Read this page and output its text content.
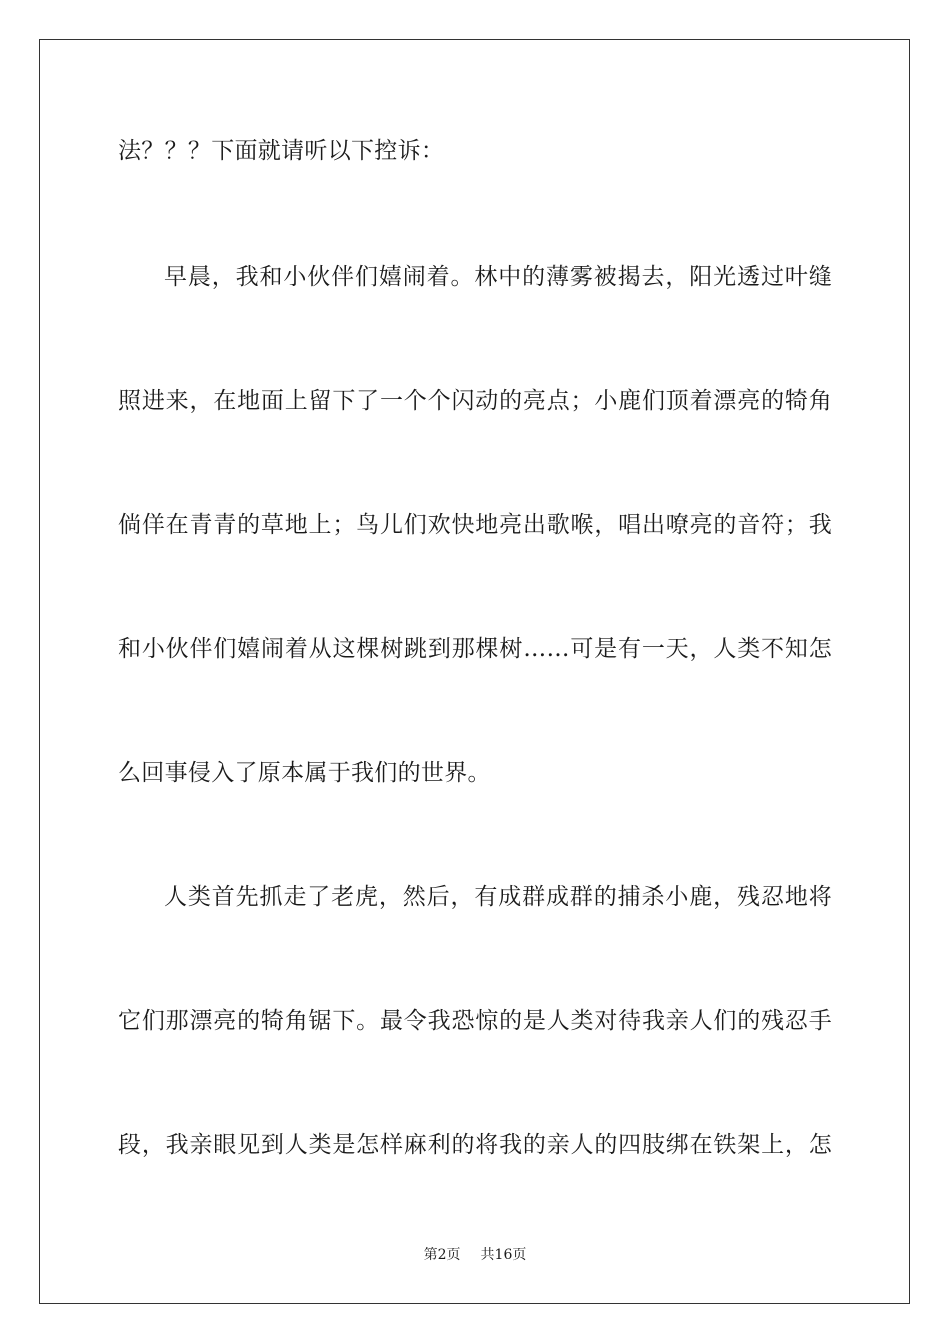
法？？？下面就请听以下控诉：
早晨，我和小伙伴们嬉闹着。林中的薄雾被揭去，阳光透过叶缝
照进来，在地面上留下了一个个闪动的亮点；小鹿们顶着漂亮的犄角
倘佯在青青的草地上；鸟儿们欢快地亮出歌喉，唱出嘹亮的音符；我
和小伙伴们嬉闹着从这棵树跳到那棵树……可是有一天，人类不知怎
么回事侵入了原本属于我们的世界。
人类首先抓走了老虎，然后，有成群成群的捕杀小鹿，残忍地将
它们那漂亮的犄角锯下。最令我恐惊的是人类对待我亲人们的残忍手
段，我亲眼见到人类是怎样麻利的将我的亲人的四肢绑在铁架上，怎
第2页 共16页
